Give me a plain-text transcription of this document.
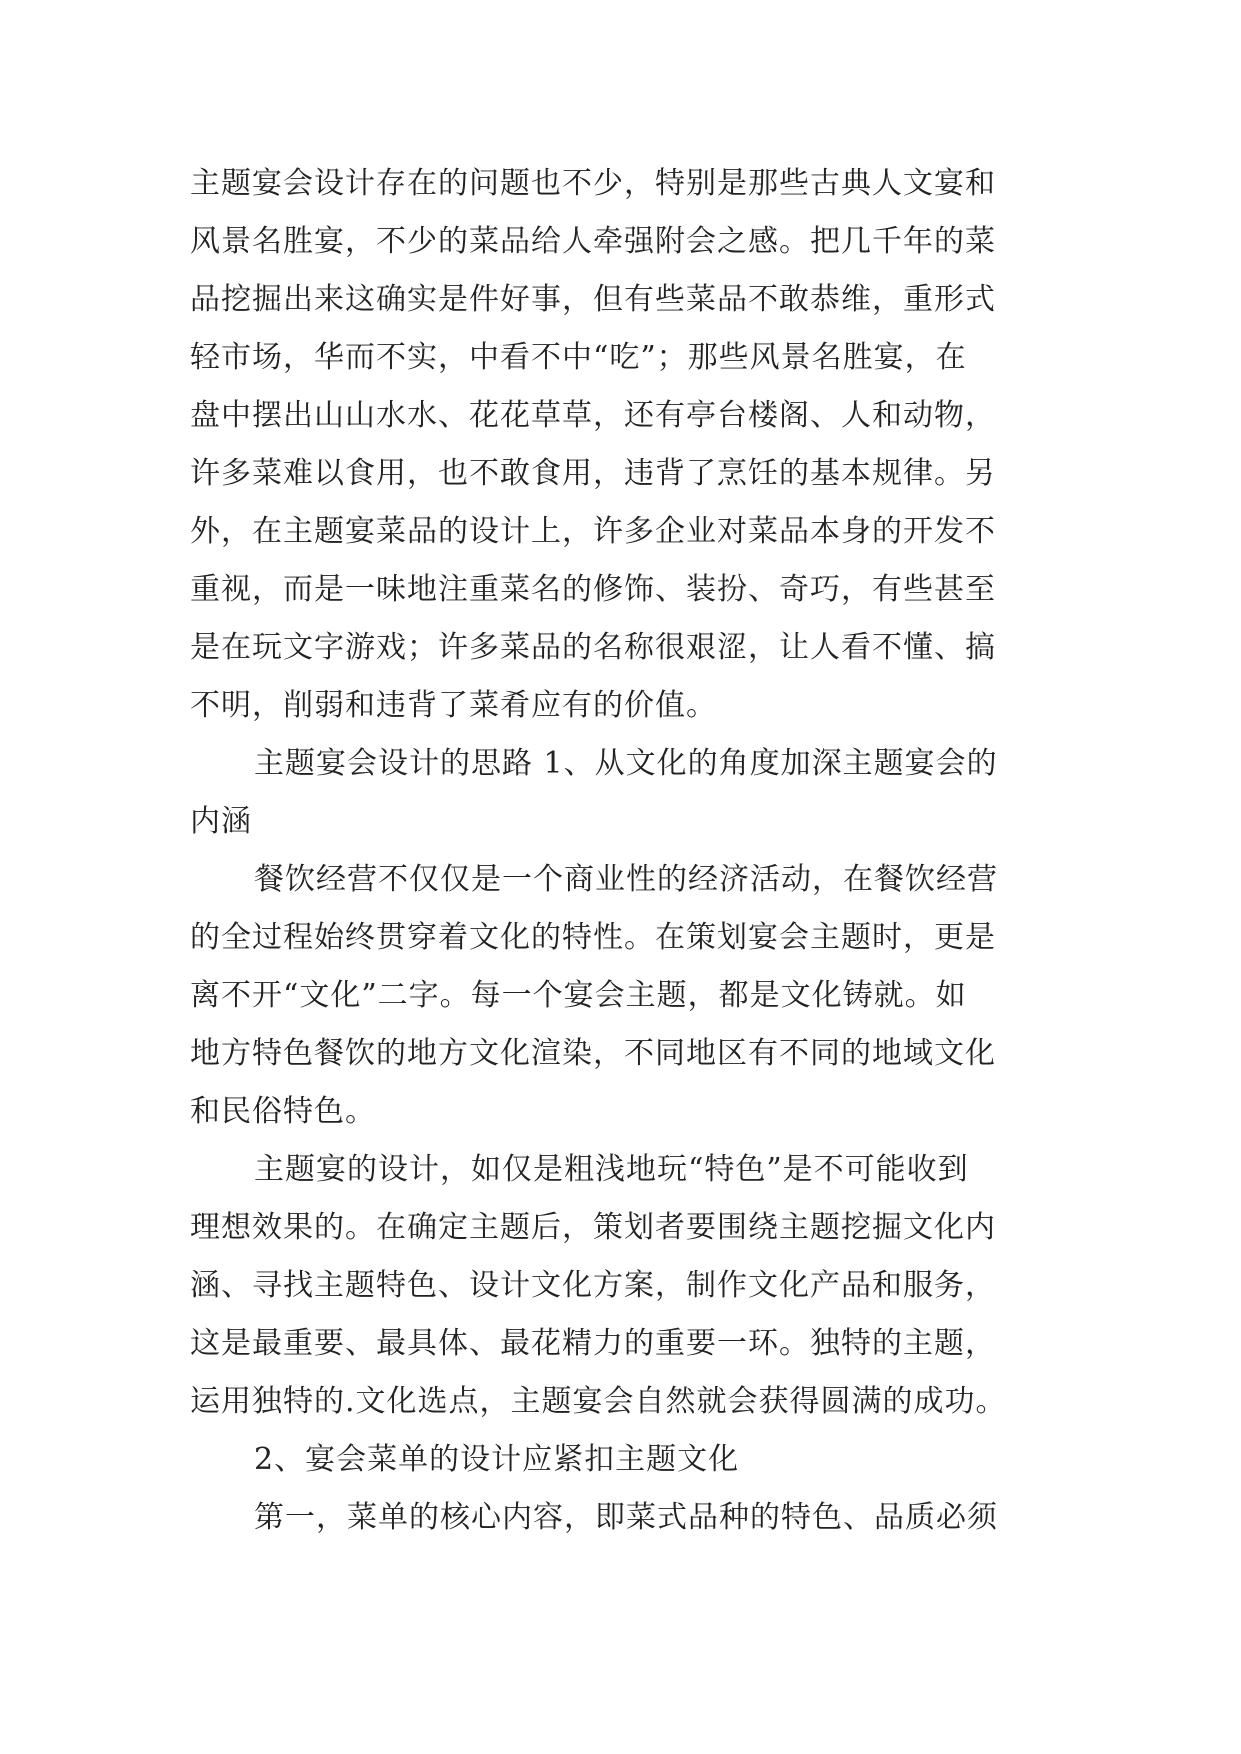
主题宴会设计存在的问题也不少，特别是那些古典人文宴和
风景名胜宴，不少的菜品给人牵强附会之感。把几千年的菜
品挖掘出来这确实是件好事，但有些菜品不敢恭维，重形式
轻市场，华而不实，中看不中“吃”；那些风景名胜宴，在
盘中摆出山山水水、花花草草，还有亭台楼阁、人和动物，
许多菜难以食用，也不敢食用，违背了烹饪的基本规律。另
外，在主题宴菜品的设计上，许多企业对菜品本身的开发不
重视，而是一味地注重菜名的修饰、装扮、奇巧，有些甚至
是在玩文字游戏；许多菜品的名称很艰涩，让人看不懂、搞
不明，削弱和违背了菜肴应有的价值。
主题宴会设计的思路 1、从文化的角度加深主题宴会的
内涵
餐饮经营不仅仅是一个商业性的经济活动，在餐饮经营
的全过程始终贯穿着文化的特性。在策划宴会主题时，更是
离不开“文化”二字。每一个宴会主题，都是文化铸就。如
地方特色餐饮的地方文化渲染，不同地区有不同的地域文化
和民俗特色。
主题宴的设计，如仅是粗浅地玩“特色”是不可能收到
理想效果的。在确定主题后，策划者要围绕主题挖掘文化内
涵、寻找主题特色、设计文化方案，制作文化产品和服务，
这是最重要、最具体、最花精力的重要一环。独特的主题，
运用独特的.文化选点，主题宴会自然就会获得圆满的成功。
2、宴会菜单的设计应紧扣主题文化
第一，菜单的核心内容，即菜式品种的特色、品质必须
